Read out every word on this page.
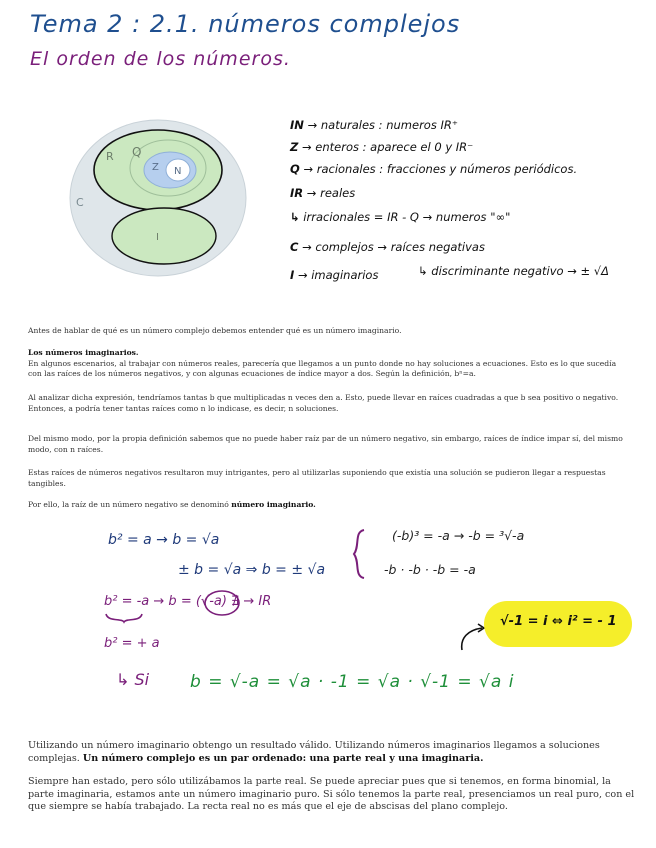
Tema 2 : 2.1. números complejos
El orden de los números.
R Q
Z N
C
I
IN → naturales : numeros IR⁺
Z → enteros : aparece el 0 y IR⁻
Q → racionales : fracciones y números periódicos.
IR → reales
↳ irracionales = IR - Q → numeros "∞"
C → complejos → raíces negativas
I → imaginarios	↳ discriminante negativo → ± √Δ
Antes de hablar de qué es un número complejo debemos entender qué es un número imaginario.
Los números imaginarios.
En algunos escenarios, al trabajar con números reales, parecería que llegamos a un punto donde no hay soluciones a ecuaciones. Esto es lo que sucedía con las raíces de los números negativos, y con algunas ecuaciones de índice mayor a dos. Según la definición, bⁿ=a.
Al analizar dicha expresión, tendríamos tantas b que multiplicadas n veces den a. Esto, puede llevar en raíces cuadradas a que b sea positivo o negativo. Entonces, a podría tener tantas raíces como n lo indicase, es decir, n soluciones.
Del mismo modo, por la propia definición sabemos que no puede haber raíz par de un número negativo, sin embargo, raíces de índice impar sí, del mismo modo, con n raíces.
Estas raíces de números negativos resultaron muy intrigantes, pero al utilizarlas suponiendo que existía una solución se pudieron llegar a respuestas tangibles.
Por ello, la raíz de un número negativo se denominó número imaginario.
b² = a → b = √a
± b = √a ⇒ b = ± √a
(-b)³ = -a → -b = ³√-a
-b · -b · -b = -a
b² = -a → b = (√-a) ∄ → IR
b² = + a
↳ Si b = √-a = √a · -1 = √a · √-1 = √a i
√-1 = i ⇔ i² = - 1
Utilizando un número imaginario obtengo un resultado válido. Utilizando números imaginarios llegamos a soluciones complejas. Un número complejo es un par ordenado: una parte real y una imaginaria.
Siempre han estado, pero sólo utilizábamos la parte real. Se puede apreciar pues que si tenemos, en forma binomial, la parte imaginaria, estamos ante un número imaginario puro. Si sólo tenemos la parte real, presenciamos un real puro, con el que siempre se había trabajado. La recta real no es más que el eje de abscisas del plano complejo.
